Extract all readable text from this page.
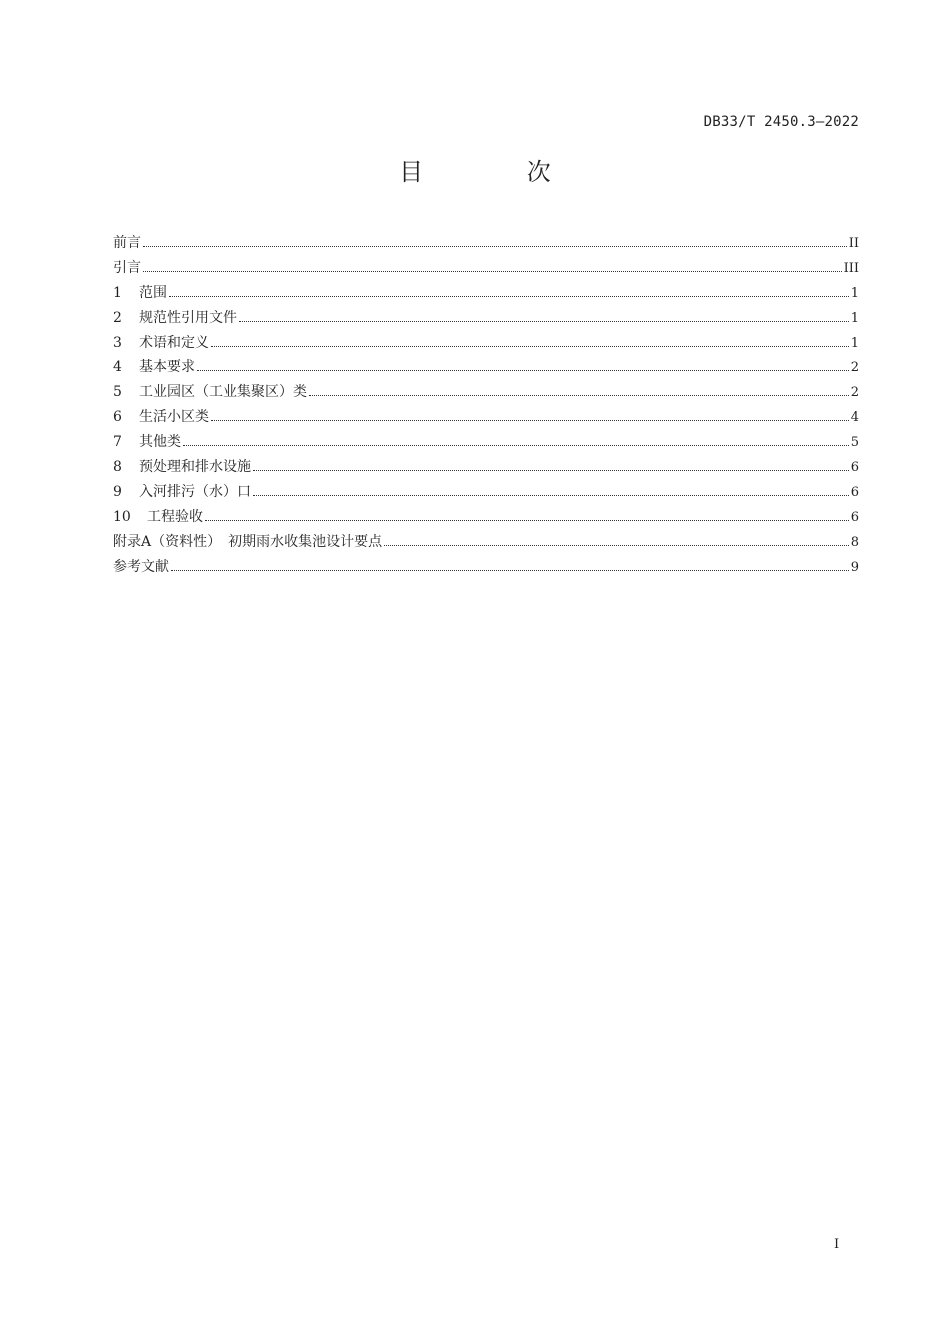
DB33/T 2450.3—2022
目 次
前言	II
引言	III
1	范围	1
2	规范性引用文件	1
3	术语和定义	1
4	基本要求	2
5	工业园区（工业集聚区）类	2
6	生活小区类	4
7	其他类	5
8	预处理和排水设施	6
9	入河排污（水）口	6
10	工程验收	6
附录A（资料性）　初期雨水收集池设计要点	8
参考文献	9
I
